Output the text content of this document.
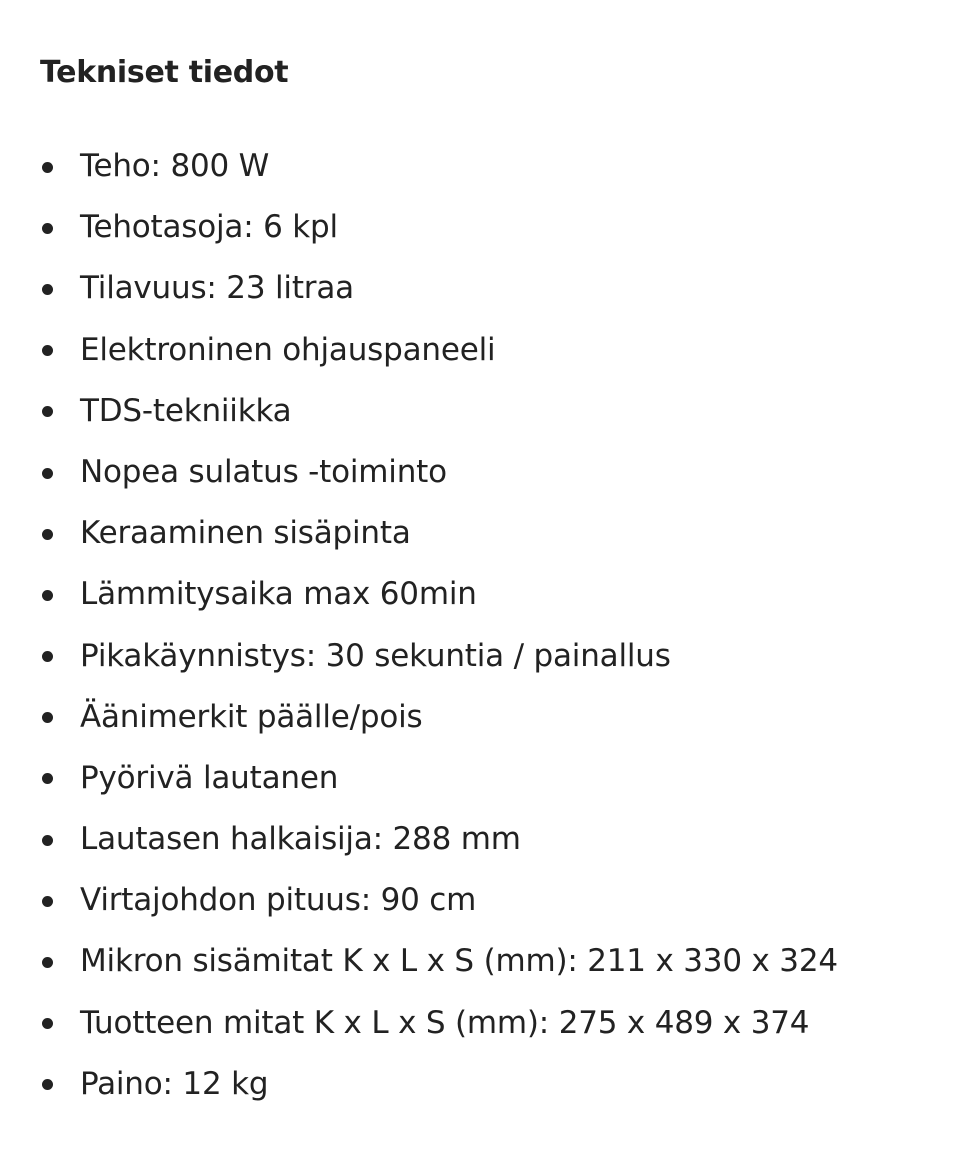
Tekniset tiedot
Teho: 800 W
Tehotasoja: 6 kpl
Tilavuus: 23 litraa
Elektroninen ohjauspaneeli
TDS-tekniikka
Nopea sulatus -toiminto
Keraaminen sisäpinta
Lämmitysaika max 60min
Pikakäynnistys: 30 sekuntia / painallus
Äänimerkit päälle/pois
Pyörivä lautanen
Lautasen halkaisija: 288 mm
Virtajohdon pituus: 90 cm
Mikron sisämitat K x L x S (mm): 211 x 330 x 324
Tuotteen mitat K x L x S (mm): 275 x 489 x 374
Paino: 12 kg
